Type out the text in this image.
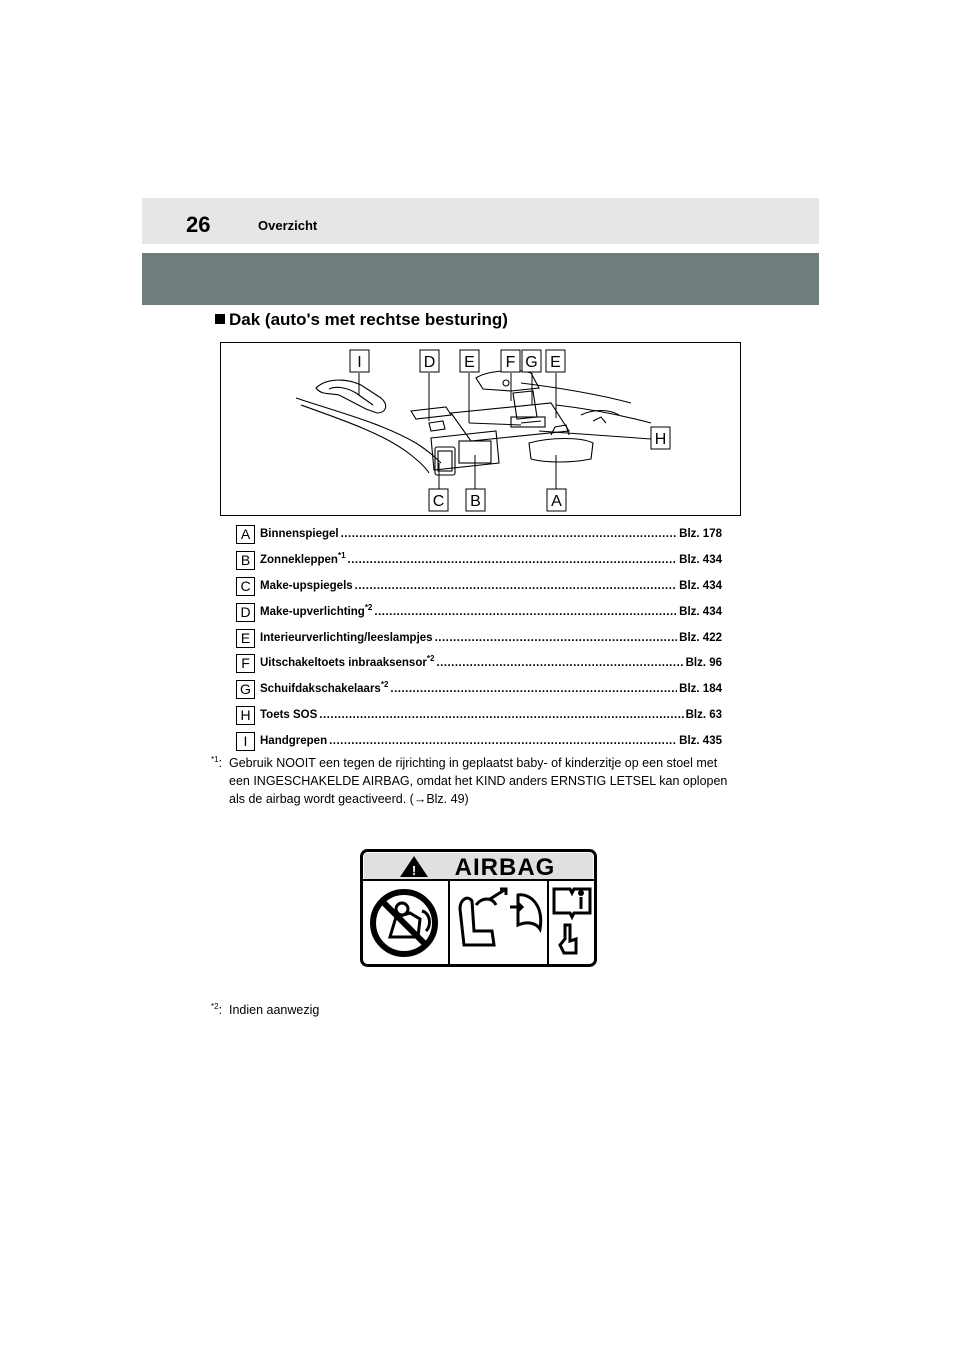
26	Overzicht
Dak (auto's met rechtse besturing)
I	D E F G E
H
C B	A
A Binnenspiegel .....	Blz. 178
B Zonnekleppen$^{*1}$ .....	Blz. 434
C Make-upspiegels .....	Blz. 434
D Make-upverlichting$^{*2}$ .....	Blz. 434
E Interieurverlichting/leeslampjes .....	Blz. 422
F Uitschakeltoets inbraaksensor$^{*2}$ .....	Blz. 96
G Schuifdakschakelaars$^{*2}$ .....	Blz. 184
H Toets SOS .....	Blz. 63
I	Handgrepen .....	Blz. 435
$^{*1}$: Gebruik NOOIT een tegen de rijrichting in geplaatst baby- of kinderzitje op een stoel met
een INGESCHAKELDE AIRBAG, omdat het KIND anders ERNSTIG LETSEL kan oplopen
als de airbag wordt geactiveerd. (→Blz. 49)
! AIRBAG
$^{*2}$: Indien aanwezig
